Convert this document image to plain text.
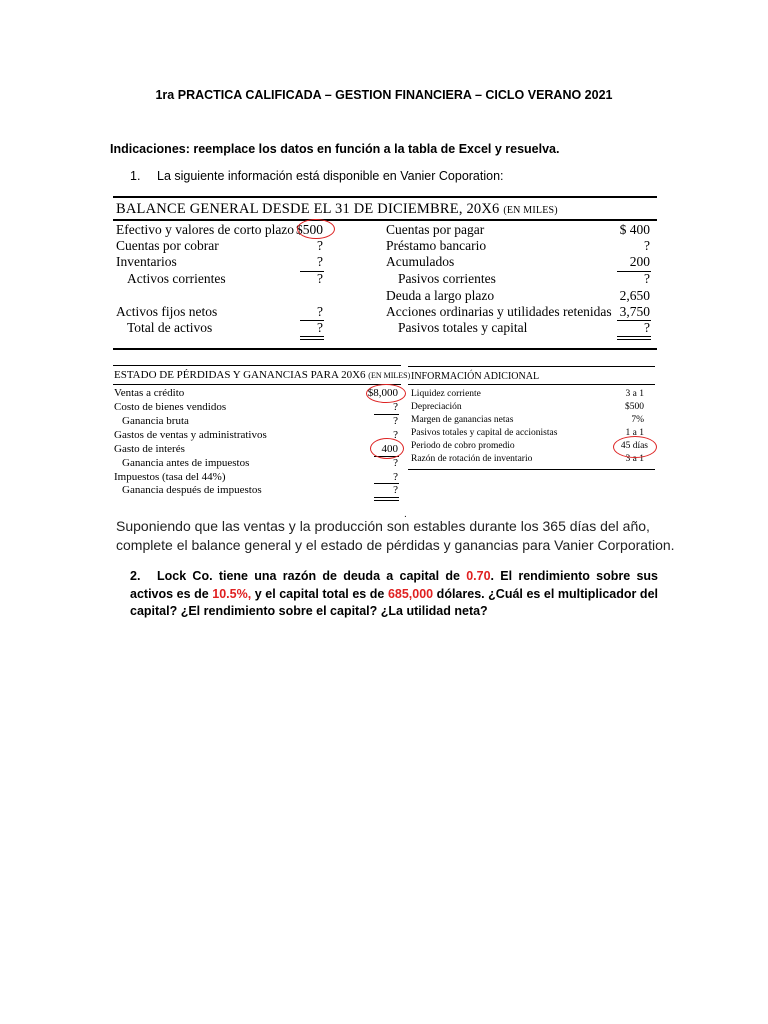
1ra PRACTICA CALIFICADA – GESTION FINANCIERA – CICLO VERANO 2021
Indicaciones: reemplace los datos en función a la tabla de Excel y resuelva.
1. La siguiente información está disponible en Vanier Coporation:
BALANCE GENERAL DESDE EL 31 DE DICIEMBRE, 20X6 (EN MILES)
Efectivo y valores de corto plazo $500
Cuentas por cobrar	?
Inventarios	?
Activos corrientes	?
Activos fijos netos	?
Total de activos	?
Cuentas por pagar	$ 400
Préstamo bancario	?
Acumulados	200
Pasivos corrientes	?
Deuda a largo plazo	2,650
Acciones ordinarias y utilidades retenidas 3,750
Pasivos totales y capital	?
ESTADO DE PÉRDIDAS Y GANANCIAS PARA 20X6 (EN MILES)
Ventas a crédito	$8,000
Costo de bienes vendidos	?
Ganancia bruta	?
Gastos de ventas y administrativos	?
Gasto de interés	400
Ganancia antes de impuestos	?
Impuestos (tasa del 44%)	?
Ganancia después de impuestos	?
INFORMACIÓN ADICIONAL
Liquidez corriente	3 a 1
Depreciación	$500
Margen de ganancias netas	7%
Pasivos totales y capital de accionistas	1 a 1
Periodo de cobro promedio	45 días
Razón de rotación de inventario	3 a 1
.
Suponiendo que las ventas y la producción son estables durante los 365 días del año, complete el balance general y el estado de pérdidas y ganancias para Vanier Corporation.
2. Lock Co. tiene una razón de deuda a capital de 0.70. El rendimiento sobre sus activos es de 10.5%, y el capital total es de 685,000 dólares. ¿Cuál es el multiplicador del capital? ¿El rendimiento sobre el capital? ¿La utilidad neta?
